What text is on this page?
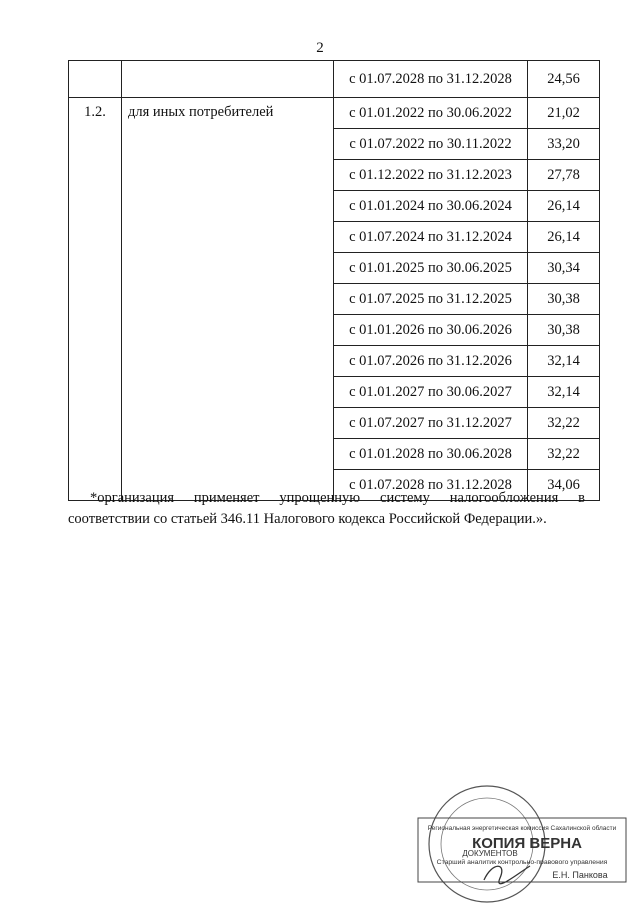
2
		с 01.07.2028 по 31.12.2028	24,56
1.2.	для иных потребителей	с 01.01.2022 по 30.06.2022	21,02
		с 01.07.2022 по 30.11.2022	33,20
		с 01.12.2022 по 31.12.2023	27,78
		с 01.01.2024 по 30.06.2024	26,14
		с 01.07.2024 по 31.12.2024	26,14
		с 01.01.2025 по 30.06.2025	30,34
		с 01.07.2025 по 31.12.2025	30,38
		с 01.01.2026 по 30.06.2026	30,38
		с 01.07.2026 по 31.12.2026	32,14
		с 01.01.2027 по 30.06.2027	32,14
		с 01.07.2027 по 31.12.2027	32,22
		с 01.01.2028 по 30.06.2028	32,22
		с 01.07.2028 по 31.12.2028	34,06
*организация применяет упрощенную систему налогообложения в соответствии со статьей 346.11 Налогового кодекса Российской Федерации.».
Региональная энергетическая комиссия Сахалинской области
КОПИЯ ВЕРНА
ДОКУМЕНТОВ
Старший аналитик контрольно-правового управления
Е.Н. Панкова
